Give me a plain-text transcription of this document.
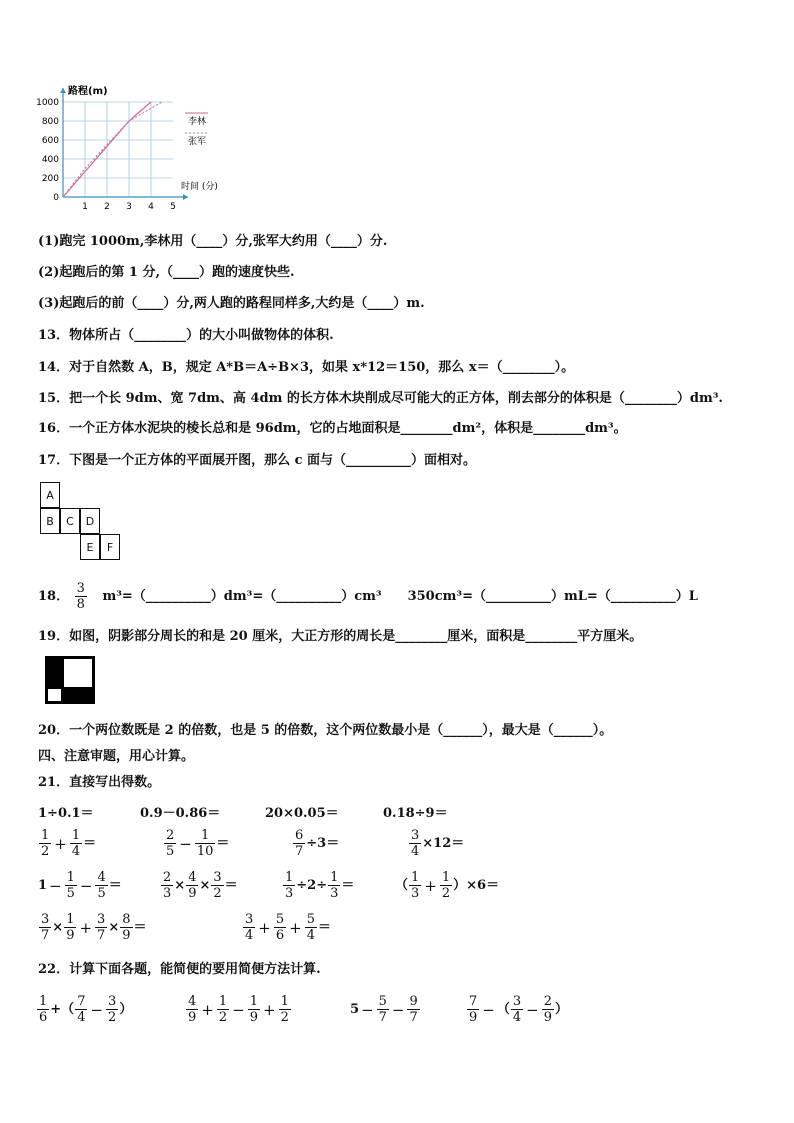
路程(m)
时间 (分)
0
200
400
600
800
1000
1 2 3 4 5
李林
张军
(1)跑完 1000m,李林用（____）分,张军大约用（____）分.
(2)起跑后的第 1 分,（____）跑的速度快些.
(3)起跑后的前（____）分,两人跑的路程同样多,大约是（____）m.
13．物体所占（________）的大小叫做物体的体积.
14．对于自然数 A，B，规定 A*B＝A÷B×3，如果 x*12＝150，那么 x＝（________）。
15．把一个长 9dm、宽 7dm、高 4dm 的长方体木块削成尽可能大的正方体，削去部分的体积是（________）dm³.
16．一个正方体水泥块的棱长总和是 96dm，它的占地面积是________dm²，体积是________dm³。
17．下图是一个正方体的平面展开图，那么 c 面与（__________）面相对。
A
B	C	D
E	F
18． $\frac{3}{8}$ m³=（__________）dm³=（__________）cm³　　350cm³=（__________）mL=（__________）L
19．如图，阴影部分周长的和是 20 厘米，大正方形的周长是________厘米，面积是________平方厘米。
20．一个两位数既是 2 的倍数，也是 5 的倍数，这个两位数最小是（______），最大是（______）。
四、注意审题，用心计算。
21．直接写出得数。
1÷0.1＝	0.9－0.86＝	20×0.05＝	0.18÷9＝
$\frac{1}{2} + \frac{1}{4}$ ＝	$\frac{2}{5} - \frac{1}{10}$ ＝	$\frac{6}{7} \div 3=$	$\frac{3}{4} \times 12=$
$1 - \frac{1}{5} - \frac{4}{5}$ ＝	$\frac{2}{3} \times \frac{4}{9} \times \frac{3}{2}$ ＝	$\frac{1}{3} \div 2\div \frac{1}{3}$ ＝	（ $\frac{1}{3} + \frac{1}{2} )\times 6=$
$\frac{3}{7} \times \frac{1}{9} + \frac{3}{7} \times \frac{8}{9}$ ＝	$\frac{3}{4} + \frac{5}{6} + \frac{5}{4}$ ＝
22．计算下面各题，能简便的要用简便方法计算.
$\frac{1}{6}$ +（ $\frac{7}{4} - \frac{3}{2}$ ）	$\frac{4}{9} + \frac{1}{2} - \frac{1}{9} + \frac{1}{2}$	$5 - \frac{5}{7} - \frac{9}{7}$	$\frac{7}{9}$ − （ $\frac{3}{4} - \frac{2}{9}$ ）
